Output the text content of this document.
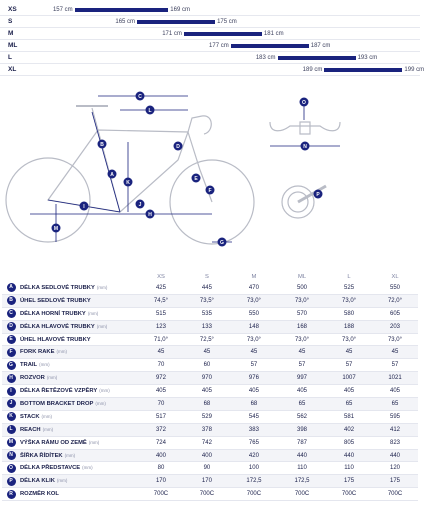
XS	157 cm	169 cm
S	165 cm	175 cm
M	171 cm	181 cm
ML	177 cm	187 cm
L	183 cm	193 cm
XL	189 cm	199 cm
C
L
B
A
K
D
E
F
G
H
I	J
M
O
N
P
		XS	S	M	ML	L	XL
A	DÉLKA SEDLOVÉ TRUBKY (mm)	425	445	470	500	525	550
B	ÚHEL SEDLOVÉ TRUBKY	74,5°	73,5°	73,0°	73,0°	73,0°	72,0°
C	DÉLKA HORNÍ TRUBKY (mm)	515	535	550	570	580	605
D	DÉLKA HLAVOVÉ TRUBKY (mm)	123	133	148	168	188	203
E	ÚHEL HLAVOVÉ TRUBKY	71,0°	72,5°	73,0°	73,0°	73,0°	73,0°
F	FORK RAKE (mm)	45	45	45	45	45	45
G	TRAIL (mm)	70	60	57	57	57	57
H	ROZVOR (mm)	972	970	976	997	1007	1021
I	DÉLKA ŘETĚZOVÉ VZPĚRY (mm)	405	405	405	405	405	405
J	BOTTOM BRACKET DROP (mm)	70	68	68	65	65	65
K	STACK (mm)	517	529	545	562	581	595
L	REACH (mm)	372	378	383	398	402	412
M	VÝŠKA RÁMU OD ZEMĚ (mm)	724	742	765	787	805	823
N	ŠÍŘKA ŘÍDÍTEK (mm)	400	400	420	440	440	440
O	DÉLKA PŘEDSTAVCE (mm)	80	90	100	110	110	120
P	DÉLKA KLIK (mm)	170	170	172,5	172,5	175	175
R	ROZMĚR KOL	700C	700C	700C	700C	700C	700C
